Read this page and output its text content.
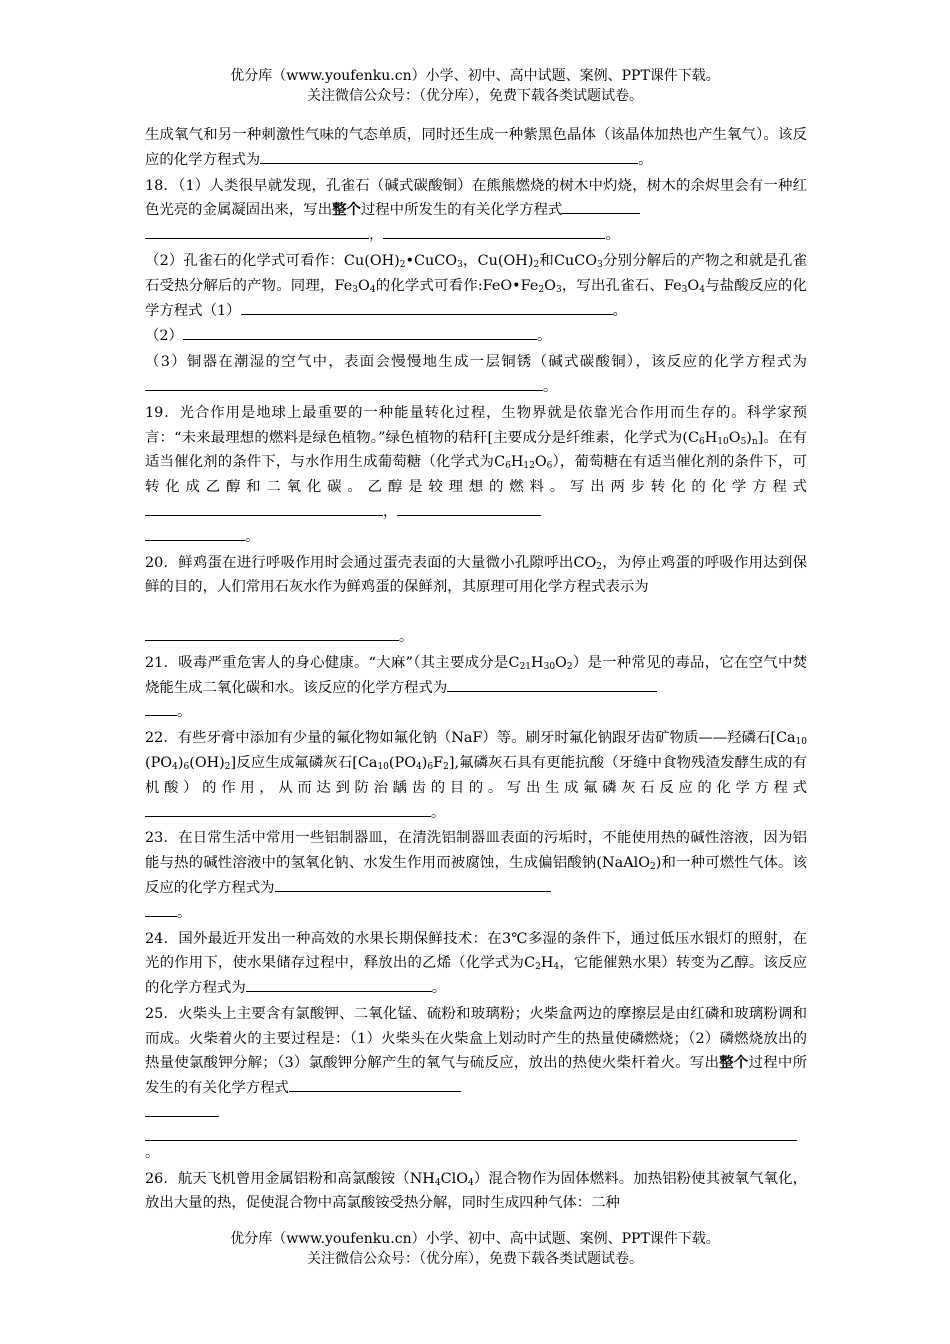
优分库（www.youfenku.cn）小学、初中、高中试题、案例、PPT课件下载。
关注微信公众号：（优分库），免费下载各类试题试卷。

生成氧气和另一种刺激性气味的气态单质，同时还生成一种紫黑色晶体（该晶体加热也产生氧气）。该反应的化学方程式为	。

18．（1）人类很早就发现，孔雀石（碱式碳酸铜）在熊熊燃烧的树木中灼烧，树木的余烬里会有一种红色光亮的金属凝固出来，写出整个过程中所发生的有关化学方程式
，	。

（2）孔雀石的化学式可看作：$Cu(OH)_2•CuCO_3$，$Cu(OH)_2$和CuCO$_3$分别分解后的产物之和就是孔雀石受热分解后的产物。同理，$Fe_3O_4$的化学式可看作$:FeO•Fe_2O_3$，写出孔雀石、$Fe_3O_4$与盐酸反应的化学方程式（1）	。

（2）	。

（3）铜器在潮湿的空气中，表面会慢慢地生成一层铜锈（碱式碳酸铜），该反应的化学方程式为。

19．光合作用是地球上最重要的一种能量转化过程，生物界就是依靠光合作用而生存的。科学家预言：“未来最理想的燃料是绿色植物。”绿色植物的秸秆[主要成分是纤维素，化学式为$(C_6H_{10}O_5)_n$]。在有适当催化剂的条件下，与水作用生成葡萄糖（化学式为$C_6H_{12}O_6$），葡萄糖在有适当催化剂的条件下，可转化成乙醇和二氧化碳。乙醇是较理想的燃料。写出两步转化的化学方程式，
。

20．鲜鸡蛋在进行呼吸作用时会通过蛋壳表面的大量微小孔隙呼出$CO_2$，为停止鸡蛋的呼吸作用达到保鲜的目的，人们常用石灰水作为鲜鸡蛋的保鲜剂，其原理可用化学方程式表示为

。

21．吸毒严重危害人的身心健康。“大麻”（其主要成分是$C_{21}H_{30}O_2$）是一种常见的毒品，它在空气中焚烧能生成二氧化碳和水。该反应的化学方程式为
。

22．有些牙膏中添加有少量的氟化物如氟化钠（NaF）等。刷牙时氟化钠跟牙齿矿物质——羟磷石$[Ca_{10}(PO_4)_6(OH)_2]$反应生成氟磷灰石$[Ca_{10}(PO_4)_6F_2]$,氟磷灰石具有更能抗酸（牙缝中食物残渣发酵生成的有机酸）的作用，从而达到防治龋齿的目的。写出生成氟磷灰石反应的化学方程式。

23．在日常生活中常用一些铝制器皿，在清洗铝制器皿表面的污垢时，不能使用热的碱性溶液，因为铝能与热的碱性溶液中的氢氧化钠、水发生作用而被腐蚀，生成偏铝酸钠(NaAlO$_2$)和一种可燃性气体。该反应的化学方程式为
。

24．国外最近开发出一种高效的水果长期保鲜技术：在3℃多湿的条件下，通过低压水银灯的照射，在光的作用下，使水果储存过程中，释放出的乙烯（化学式为$C_2H_4$，它能催熟水果）转变为乙醇。该反应的化学方程式为	。

25．火柴头上主要含有氯酸钾、二氧化锰、硫粉和玻璃粉；火柴盒两边的摩擦层是由红磷和玻璃粉调和而成。火柴着火的主要过程是：（1）火柴头在火柴盒上划动时产生的热量使磷燃烧；（2）磷燃烧放出的热量使氯酸钾分解；（3）氯酸钾分解产生的氧气与硫反应，放出的热使火柴杆着火。写出整个过程中所发生的有关化学方程式

。

26．航天飞机曾用金属铝粉和高氯酸铵$(NH_4ClO_4)$混合物作为固体燃料。加热铝粉使其被氧气氧化，放出大量的热，促使混合物中高氯酸铵受热分解，同时生成四种气体：二种

优分库（www.youfenku.cn）小学、初中、高中试题、案例、PPT课件下载。
关注微信公众号：（优分库），免费下载各类试题试卷。
